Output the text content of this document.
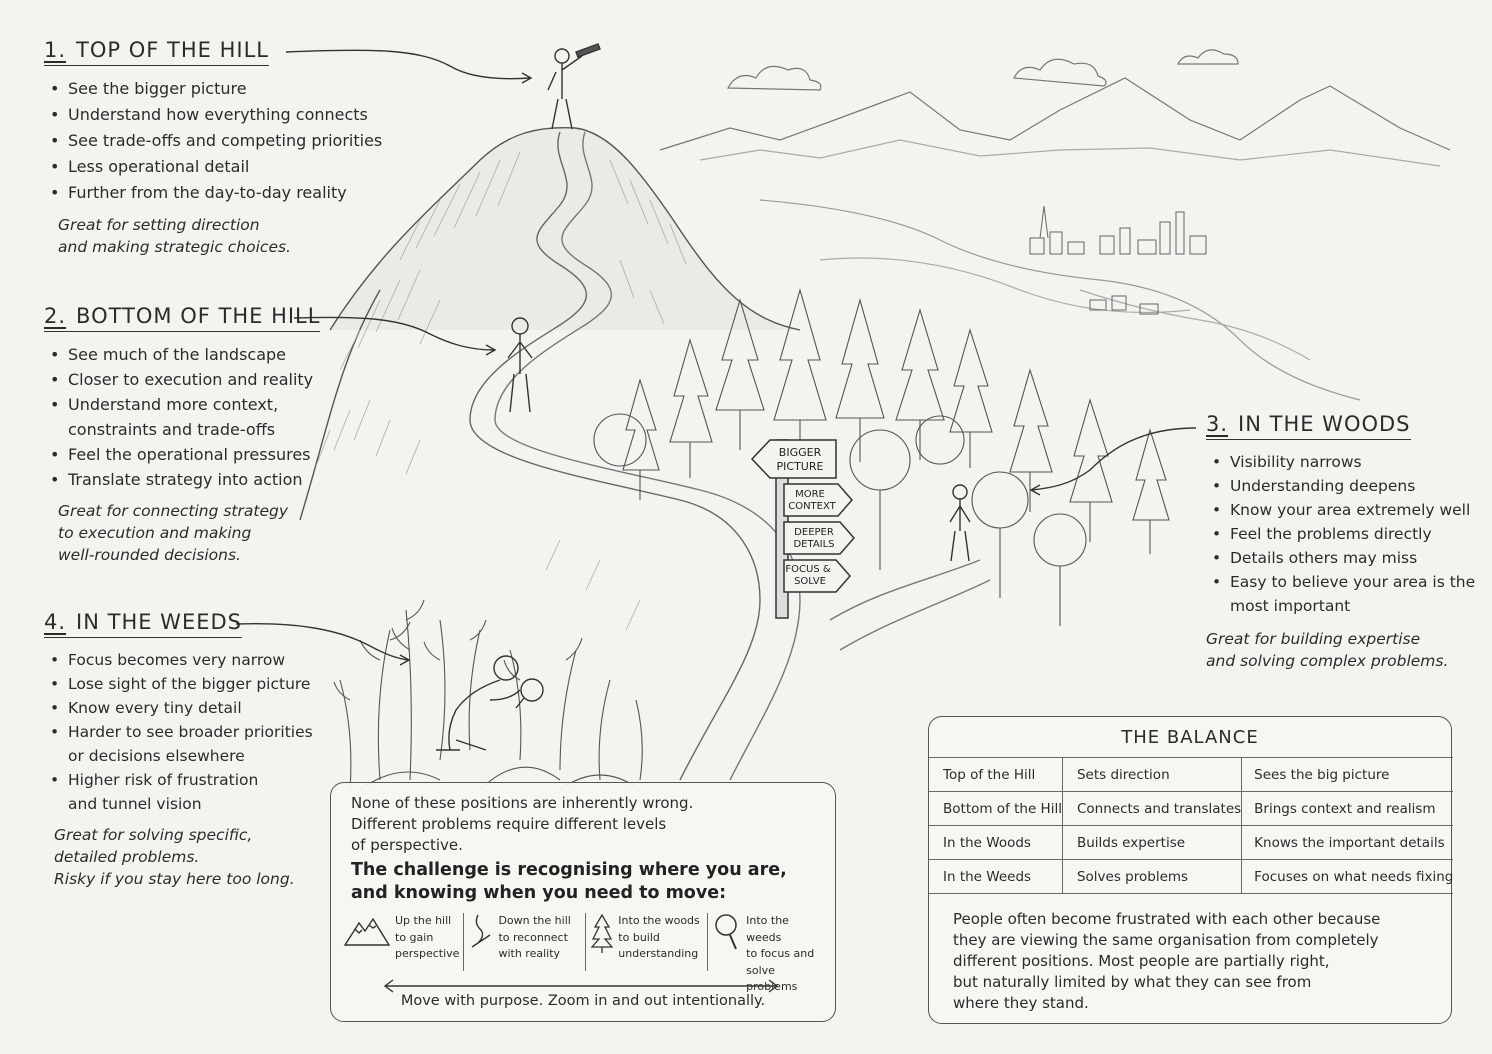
BIGGER
PICTURE
MORE
CONTEXT
DEEPER
DETAILS
FOCUS &
SOLVE
1. TOP OF THE HILL
• See the bigger picture
• Understand how everything connects
• See trade-offs and competing priorities
• Less operational detail
• Further from the day-to-day reality
Great for setting direction
and making strategic choices.
2. BOTTOM OF THE HILL
• See much of the landscape
• Closer to execution and reality
• Understand more context,
constraints and trade-offs
• Feel the operational pressures
• Translate strategy into action
Great for connecting strategy
to execution and making
well-rounded decisions.
3. IN THE WOODS
• Visibility narrows
• Understanding deepens
• Know your area extremely well
• Feel the problems directly
• Details others may miss
• Easy to believe your area is the
most important
Great for building expertise
and solving complex problems.
4. IN THE WEEDS
• Focus becomes very narrow
• Lose sight of the bigger picture
• Know every tiny detail
• Harder to see broader priorities
or decisions elsewhere
• Higher risk of frustration
and tunnel vision
Great for solving specific,
detailed problems.
Risky if you stay here too long.
None of these positions are inherently wrong.
Different problems require different levels
of perspective.
The challenge is recognising where you are,
and knowing when you need to move:
Up the hill
to gain
perspective
Down the hill
to reconnect
with reality
Into the woods
to build
understanding
Into the weeds
to focus and
solve problems
Move with purpose. Zoom in and out intentionally.
THE BALANCE
Top of the Hill	Sets direction	Sees the big picture
Bottom of the Hill	Connects and translates	Brings context and realism
In the Woods	Builds expertise	Knows the important details
In the Weeds	Solves problems	Focuses on what needs fixing
People often become frustrated with each other because
they are viewing the same organisation from completely
different positions. Most people are partially right,
but naturally limited by what they can see from
where they stand.
